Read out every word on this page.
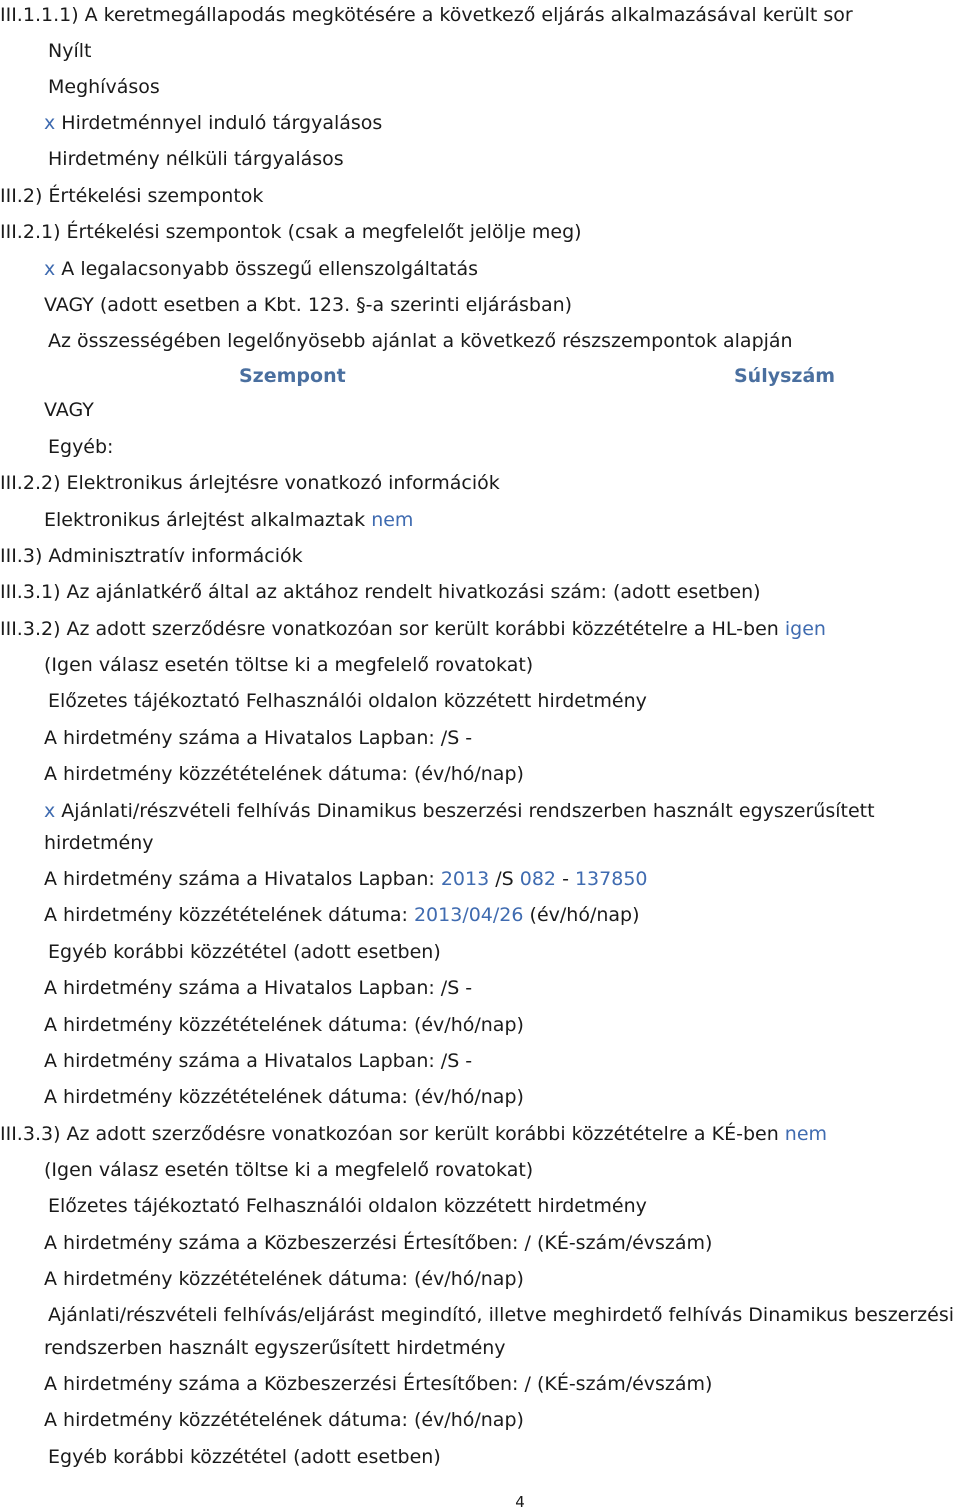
III.1.1.1) A keretmegállapodás megkötésére a következő eljárás alkalmazásával került sor
Nyílt
Meghívásos
x Hirdetménnyel induló tárgyalásos
Hirdetmény nélküli tárgyalásos
III.2) Értékelési szempontok
III.2.1) Értékelési szempontok (csak a megfelelőt jelölje meg)
x A legalacsonyabb összegű ellenszolgáltatás
VAGY (adott esetben a Kbt. 123. §-a szerinti eljárásban)
Az összességében legelőnyösebb ajánlat a következő részszempontok alapján
Szempont	Súlyszám
VAGY
Egyéb:
III.2.2) Elektronikus árlejtésre vonatkozó információk
Elektronikus árlejtést alkalmaztak nem
III.3) Adminisztratív információk
III.3.1) Az ajánlatkérő által az aktához rendelt hivatkozási szám: (adott esetben)
III.3.2) Az adott szerződésre vonatkozóan sor került korábbi közzétételre a HL-ben igen
(Igen válasz esetén töltse ki a megfelelő rovatokat)
Előzetes tájékoztató Felhasználói oldalon közzétett hirdetmény
A hirdetmény száma a Hivatalos Lapban: /S -
A hirdetmény közzétételének dátuma: (év/hó/nap)
x Ajánlati/részvételi felhívás Dinamikus beszerzési rendszerben használt egyszerűsített
hirdetmény
A hirdetmény száma a Hivatalos Lapban: 2013 /S 082 - 137850
A hirdetmény közzétételének dátuma: 2013/04/26 (év/hó/nap)
Egyéb korábbi közzététel (adott esetben)
A hirdetmény száma a Hivatalos Lapban: /S -
A hirdetmény közzétételének dátuma: (év/hó/nap)
A hirdetmény száma a Hivatalos Lapban: /S -
A hirdetmény közzétételének dátuma: (év/hó/nap)
III.3.3) Az adott szerződésre vonatkozóan sor került korábbi közzétételre a KÉ-ben nem
(Igen válasz esetén töltse ki a megfelelő rovatokat)
Előzetes tájékoztató Felhasználói oldalon közzétett hirdetmény
A hirdetmény száma a Közbeszerzési Értesítőben: / (KÉ-szám/évszám)
A hirdetmény közzétételének dátuma: (év/hó/nap)
Ajánlati/részvételi felhívás/eljárást megindító, illetve meghirdető felhívás Dinamikus beszerzési
rendszerben használt egyszerűsített hirdetmény
A hirdetmény száma a Közbeszerzési Értesítőben: / (KÉ-szám/évszám)
A hirdetmény közzétételének dátuma: (év/hó/nap)
Egyéb korábbi közzététel (adott esetben)
4
